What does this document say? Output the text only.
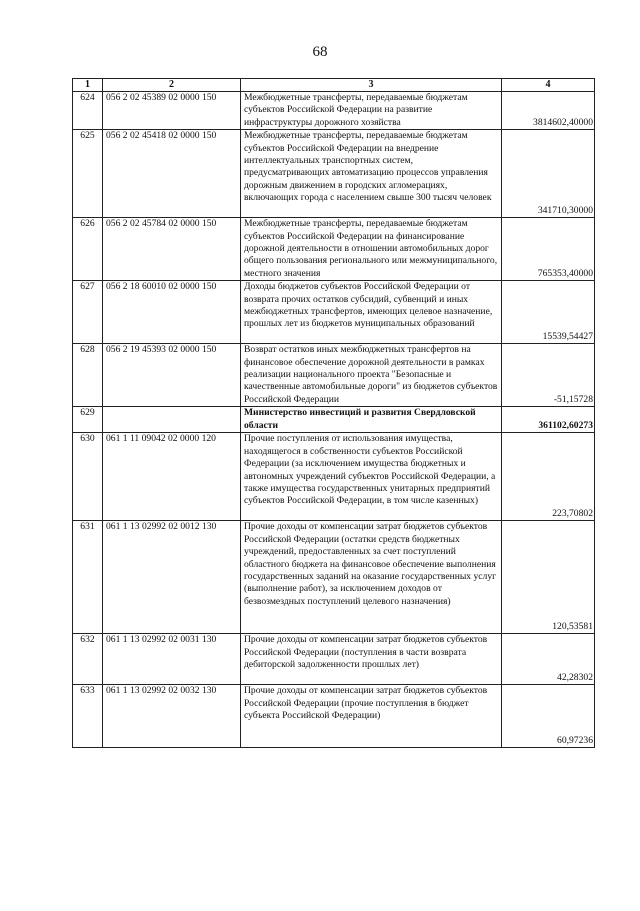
68
1	2	3	4
624	056 2 02 45389 02 0000 150	Межбюджетные трансферты, передаваемые бюджетам субъектов Российской Федерации на развитие инфраструктуры дорожного хозяйства	3814602,40000
625	056 2 02 45418 02 0000 150	Межбюджетные трансферты, передаваемые бюджетам субъектов Российской Федерации на внедрение интеллектуальных транспортных систем, предусматривающих автоматизацию процессов управления дорожным движением в городских агломерациях, включающих города с населением свыше 300 тысяч человек	341710,30000
626	056 2 02 45784 02 0000 150	Межбюджетные трансферты, передаваемые бюджетам субъектов Российской Федерации на финансирование дорожной деятельности в отношении автомобильных дорог общего пользования регионального или межмуниципального, местного значения	765353,40000
627	056 2 18 60010 02 0000 150	Доходы бюджетов субъектов Российской Федерации от возврата прочих остатков субсидий, субвенций и иных межбюджетных трансфертов, имеющих целевое назначение, прошлых лет из бюджетов муниципальных образований	15539,54427
628	056 2 19 45393 02 0000 150	Возврат остатков иных межбюджетных трансфертов на финансовое обеспечение дорожной деятельности в рамках реализации национального проекта "Безопасные и качественные автомобильные дороги" из бюджетов субъектов Российской Федерации	-51,15728
629		Министерство инвестиций и развития Свердловской области	361102,60273
630	061 1 11 09042 02 0000 120	Прочие поступления от использования имущества, находящегося в собственности субъектов Российской Федерации (за исключением имущества бюджетных и автономных учреждений субъектов Российской Федерации, а также имущества государственных унитарных предприятий субъектов Российской Федерации, в том числе казенных)	223,70802
631	061 1 13 02992 02 0012 130	Прочие доходы от компенсации затрат бюджетов субъектов Российской Федерации (остатки средств бюджетных учреждений, предоставленных за счет поступлений областного бюджета на финансовое обеспечение выполнения государственных заданий на оказание государственных услуг (выполнение работ), за исключением доходов от безвозмездных поступлений целевого назначения)	120,53581
632	061 1 13 02992 02 0031 130	Прочие доходы от компенсации затрат бюджетов субъектов Российской Федерации (поступления в части возврата дебиторской задолженности прошлых лет)	42,28302
633	061 1 13 02992 02 0032 130	Прочие доходы от компенсации затрат бюджетов субъектов Российской Федерации (прочие поступления в бюджет субъекта Российской Федерации)	60,97236
